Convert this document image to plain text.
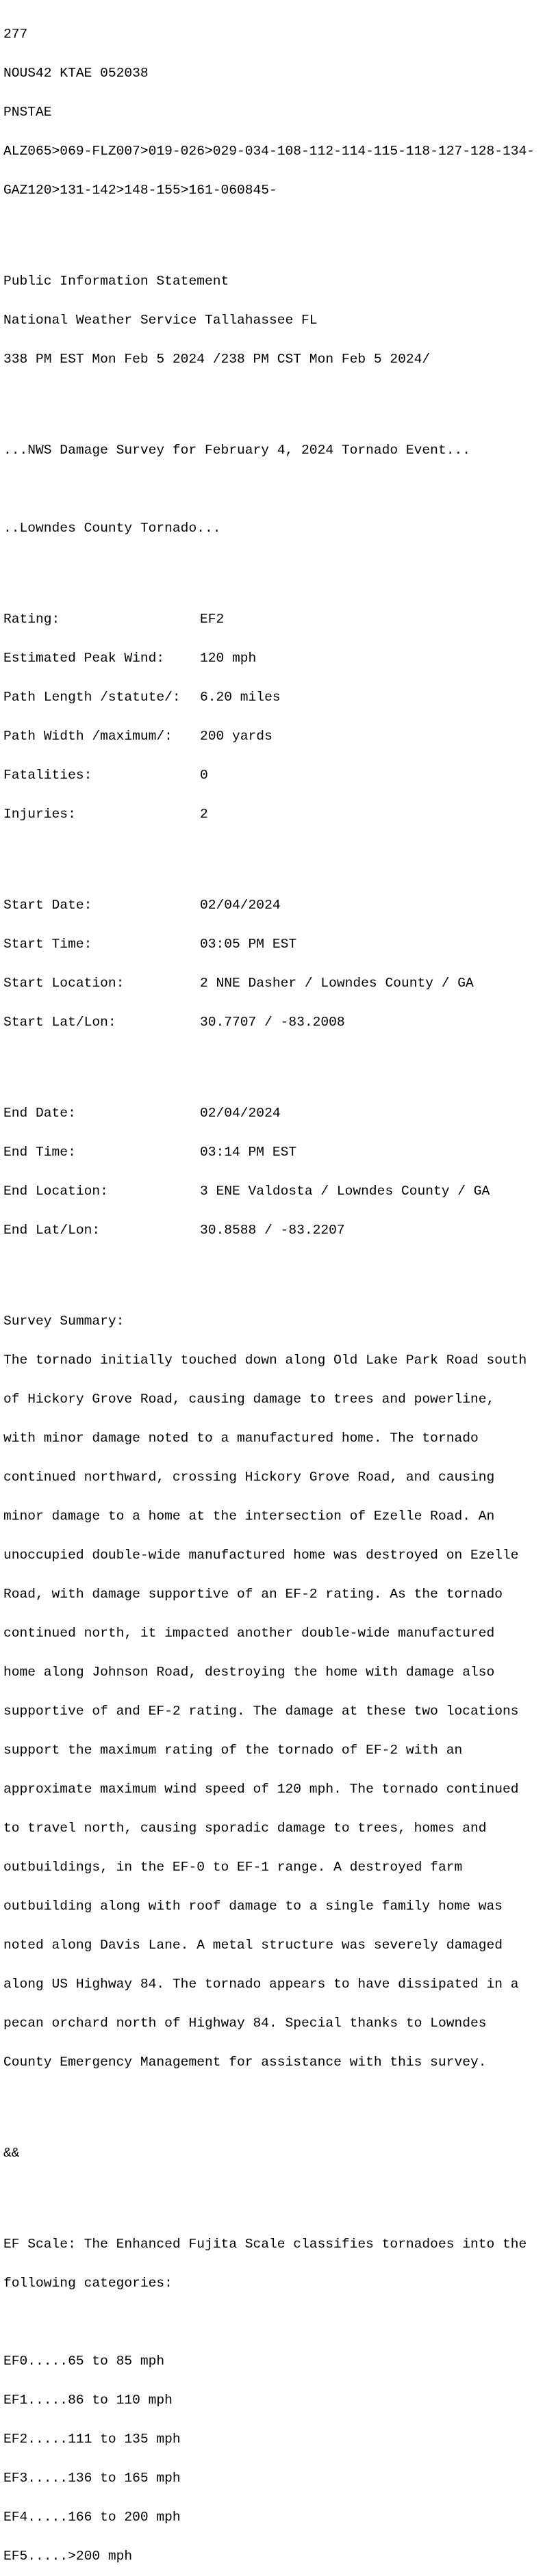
277

NOUS42 KTAE 052038

PNSTAE

ALZ065>069-FLZ007>019-026>029-034-108-112-114-115-118-127-128-134-

GAZ120>131-142>148-155>161-060845-

Public Information Statement

National Weather Service Tallahassee FL

338 PM EST Mon Feb 5 2024 /238 PM CST Mon Feb 5 2024/

...NWS Damage Survey for February 4, 2024 Tornado Event...

..Lowndes County Tornado...

Rating:	EF2

Estimated Peak Wind:	120 mph

Path Length /statute/: 6.20 miles

Path Width /maximum/: 200 yards

Fatalities:	0

Injuries:	2

Start Date:	02/04/2024

Start Time:	03:05 PM EST

Start Location:	2 NNE Dasher / Lowndes County / GA

Start Lat/Lon:	30.7707 / -83.2008

End Date:	02/04/2024

End Time:	03:14 PM EST

End Location:	3 ENE Valdosta / Lowndes County / GA

End Lat/Lon:	30.8588 / -83.2207

Survey Summary:

The tornado initially touched down along Old Lake Park Road south

of Hickory Grove Road, causing damage to trees and powerline,

with minor damage noted to a manufactured home. The tornado

continued northward, crossing Hickory Grove Road, and causing

minor damage to a home at the intersection of Ezelle Road. An

unoccupied double-wide manufactured home was destroyed on Ezelle

Road, with damage supportive of an EF-2 rating. As the tornado

continued north, it impacted another double-wide manufactured

home along Johnson Road, destroying the home with damage also

supportive of and EF-2 rating. The damage at these two locations

support the maximum rating of the tornado of EF-2 with an

approximate maximum wind speed of 120 mph. The tornado continued

to travel north, causing sporadic damage to trees, homes and

outbuildings, in the EF-0 to EF-1 range. A destroyed farm

outbuilding along with roof damage to a single family home was

noted along Davis Lane. A metal structure was severely damaged

along US Highway 84. The tornado appears to have dissipated in a

pecan orchard north of Highway 84. Special thanks to Lowndes

County Emergency Management for assistance with this survey.

&&

EF Scale: The Enhanced Fujita Scale classifies tornadoes into the

following categories:

EF0.....65 to 85 mph

EF1.....86 to 110 mph

EF2.....111 to 135 mph

EF3.....136 to 165 mph

EF4.....166 to 200 mph

EF5.....>200 mph
